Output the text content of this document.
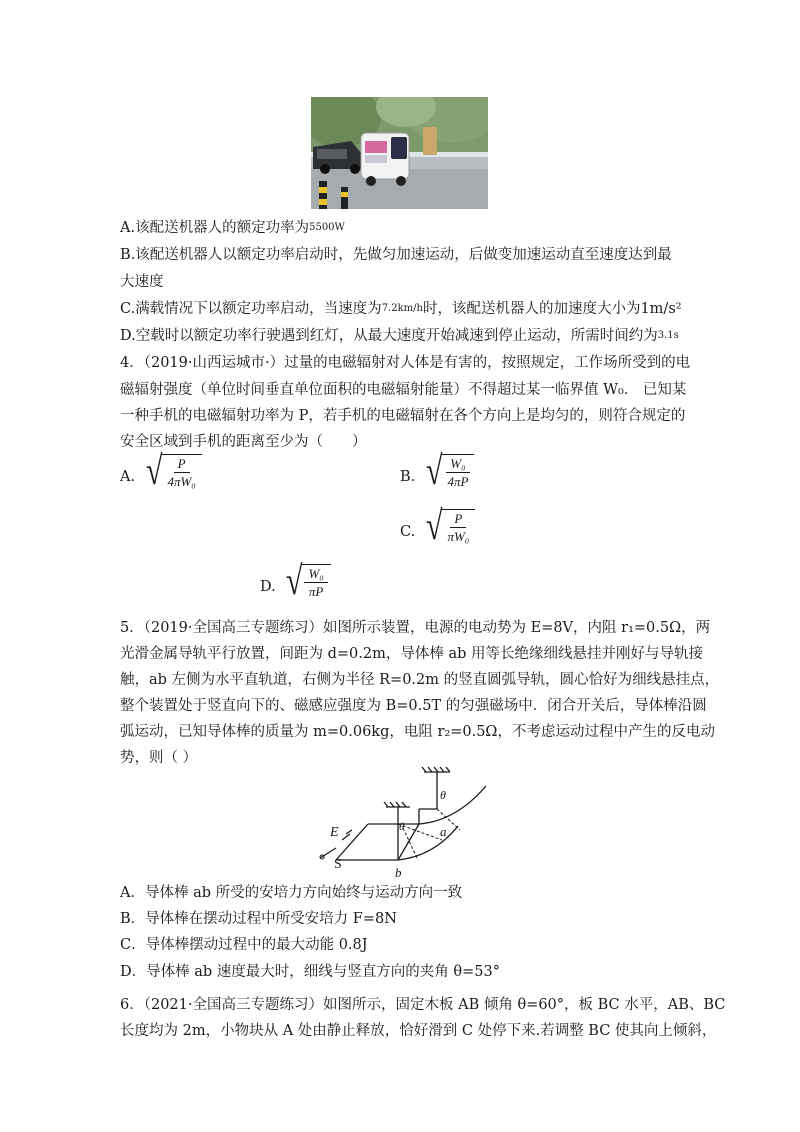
A.该配送机器人的额定功率为5500W
B.该配送机器人以额定功率启动时，先做匀加速运动，后做变加速运动直至速度达到最
大速度
C.满载情况下以额定功率启动，当速度为7.2km/h时，该配送机器人的加速度大小为1m/s²
D.空载时以额定功率行驶遇到红灯，从最大速度开始减速到停止运动，所需时间约为3.1s
4．（2019·山西运城市·）过量的电磁辐射对人体是有害的，按照规定，工作场所受到的电
磁辐射强度（单位时间垂直单位面积的电磁辐射能量）不得超过某一临界值 W₀． 已知某
一种手机的电磁辐射功率为 P，若手机的电磁辐射在各个方向上是均匀的，则符合规定的
安全区域到手机的距离至少为（　　）
A. √ $\frac{P}{\text{4πW₀}}$	B． √ $\frac{\text{W₀}}{4\pi P}$
C. √ $\frac{P}{\text{πW₀}}$
D. √ $\frac{\text{W₀}}{\pi P}$
5．（2019·全国高三专题练习）如图所示装置，电源的电动势为 E=8V，内阻 r₁=0.5Ω，两
光滑金属导轨平行放置，间距为 d=0.2m，导体棒 ab 用等长绝缘细线悬挂并刚好与导轨接
触，ab 左侧为水平直轨道，右侧为半径 R=0.2m 的竖直圆弧导轨，圆心恰好为细线悬挂点，
整个装置处于竖直向下的、磁感应强度为 B=0.5T 的匀强磁场中．闭合开关后，导体棒沿圆
弧运动，已知导体棒的质量为 m=0.06kg，电阻 r₂=0.5Ω，不考虑运动过程中产生的反电动
势，则（ ）
E
S
θ
θ	a
b
A．导体棒 ab 所受的安培力方向始终与运动方向一致
B．导体棒在摆动过程中所受安培力 F=8N
C．导体棒摆动过程中的最大动能 0.8J
D．导体棒 ab 速度最大时，细线与竖直方向的夹角 θ=53°
6．（2021·全国高三专题练习）如图所示，固定木板 AB 倾角 θ=60°，板 BC 水平，AB、BC
长度均为 2m，小物块从 A 处由静止释放，恰好滑到 C 处停下来.若调整 BC 使其向上倾斜，
